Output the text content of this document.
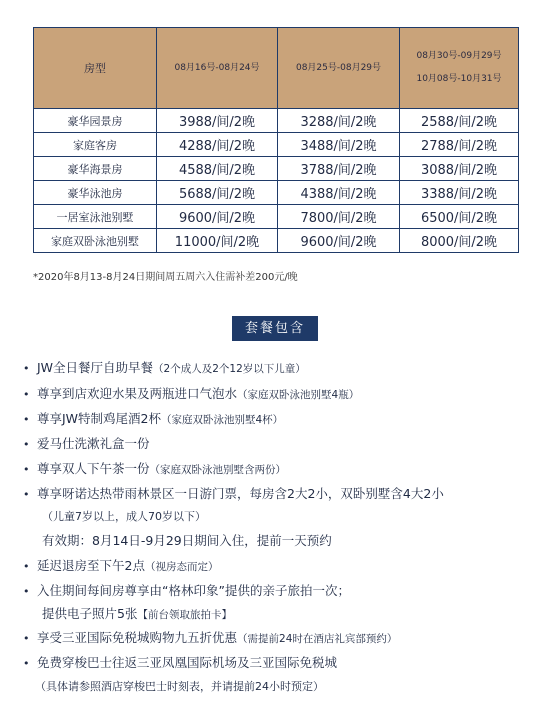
房型	08月16号-08月24号	08月25号-08月29号	08月30号-09月29号
10月08号-10月31号

豪华园景房	3988/间/2晚	3288/间/2晚	2588/间/2晚
家庭客房	4288/间/2晚	3488/间/2晚	2788/间/2晚
豪华海景房	4588/间/2晚	3788/间/2晚	3088/间/2晚
豪华泳池房	5688/间/2晚	4388/间/2晚	3388/间/2晚
一居室泳池别墅	9600/间/2晚	7800/间/2晚	6500/间/2晚
家庭双卧泳池别墅	11000/间/2晚	9600/间/2晚	8000/间/2晚
*2020年8月13-8月24日期间周五周六入住需补差200元/晚
套餐包含
• JW全日餐厅自助早餐（2个成人及2个12岁以下儿童）
• 尊享到店欢迎水果及两瓶进口气泡水（家庭双卧泳池别墅4瓶）
• 尊享JW特制鸡尾酒2杯（家庭双卧泳池别墅4杯）
• 爱马仕洗漱礼盒一份
• 尊享双人下午茶一份（家庭双卧泳池别墅含两份）
• 尊享呀诺达热带雨林景区一日游门票，每房含2大2小，双卧别墅含4大2小
（儿童7岁以上，成人70岁以下）
有效期：8月14日-9月29日期间入住，提前一天预约
• 延迟退房至下午2点（视房态而定）
• 入住期间每间房尊享由“格林印象”提供的亲子旅拍一次；
提供电子照片5张【前台领取旅拍卡】
• 享受三亚国际免税城购物九五折优惠（需提前24时在酒店礼宾部预约）
• 免费穿梭巴士往返三亚凤凰国际机场及三亚国际免税城
（具体请参照酒店穿梭巴士时刻表，并请提前24小时预定）
